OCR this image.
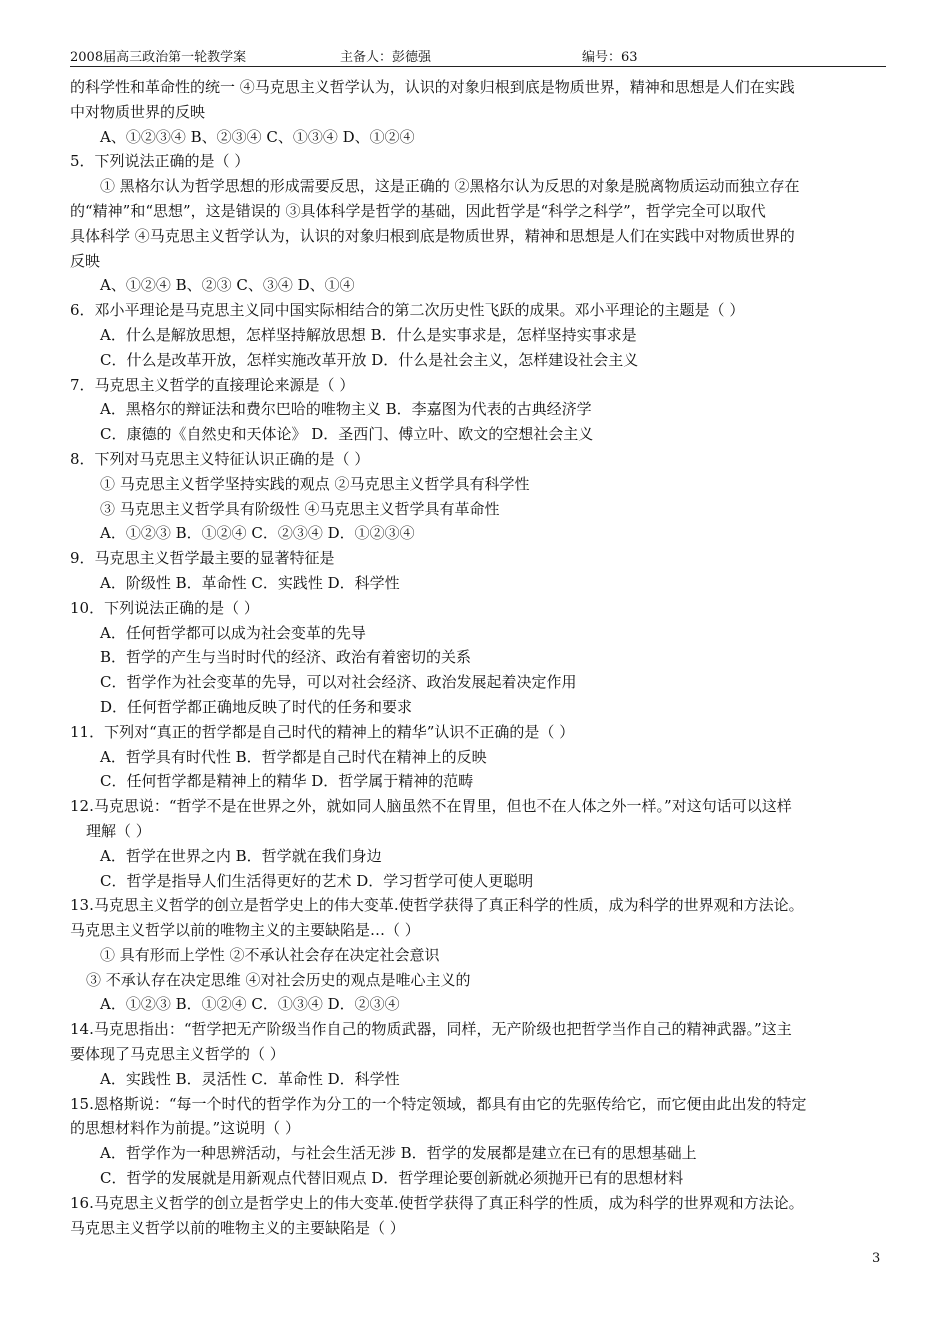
2008届高三政治第一轮教学案	主备人：彭德强	编号：63
的科学性和革命性的统一 ④马克思主义哲学认为，认识的对象归根到底是物质世界，精神和思想是人们在实践
中对物质世界的反映
A、①②③④ B、②③④ C、①③④ D、①②④
5．下列说法正确的是（ ）
① 黑格尔认为哲学思想的形成需要反思，这是正确的 ②黑格尔认为反思的对象是脱离物质运动而独立存在
的“精神”和“思想”，这是错误的 ③具体科学是哲学的基础，因此哲学是“科学之科学”，哲学完全可以取代
具体科学 ④马克思主义哲学认为，认识的对象归根到底是物质世界，精神和思想是人们在实践中对物质世界的
反映
A、①②④ B、②③ C、③④ D、①④
6．邓小平理论是马克思主义同中国实际相结合的第二次历史性飞跃的成果。邓小平理论的主题是（ ）
A．什么是解放思想，怎样坚持解放思想 B．什么是实事求是，怎样坚持实事求是
C．什么是改革开放，怎样实施改革开放 D．什么是社会主义，怎样建设社会主义
7．马克思主义哲学的直接理论来源是（ ）
A．黑格尔的辩证法和费尔巴哈的唯物主义 B．李嘉图为代表的古典经济学
C．康德的《自然史和天体论》 D．圣西门、傅立叶、欧文的空想社会主义
8．下列对马克思主义特征认识正确的是（ ）
① 马克思主义哲学坚持实践的观点 ②马克思主义哲学具有科学性
③ 马克思主义哲学具有阶级性 ④马克思主义哲学具有革命性
A．①②③ B．①②④ C．②③④ D．①②③④
9．马克思主义哲学最主要的显著特征是
A．阶级性 B．革命性 C．实践性 D．科学性
10．下列说法正确的是（ ）
A．任何哲学都可以成为社会变革的先导
B．哲学的产生与当时时代的经济、政治有着密切的关系
C．哲学作为社会变革的先导，可以对社会经济、政治发展起着决定作用
D．任何哲学都正确地反映了时代的任务和要求
11．下列对“真正的哲学都是自己时代的精神上的精华”认识不正确的是（ ）
A．哲学具有时代性 B．哲学都是自己时代在精神上的反映
C．任何哲学都是精神上的精华 D．哲学属于精神的范畴
12.马克思说：“哲学不是在世界之外，就如同人脑虽然不在胃里，但也不在人体之外一样。”对这句话可以这样
理解（ ）
A．哲学在世界之内 B．哲学就在我们身边
C．哲学是指导人们生活得更好的艺术 D．学习哲学可使人更聪明
13.马克思主义哲学的创立是哲学史上的伟大变革.使哲学获得了真正科学的性质，成为科学的世界观和方法论。
马克思主义哲学以前的唯物主义的主要缺陷是…（ ）
① 具有形而上学性 ②不承认社会存在决定社会意识
③ 不承认存在决定思维 ④对社会历史的观点是唯心主义的
A．①②③ B．①②④ C．①③④ D．②③④
14.马克思指出：“哲学把无产阶级当作自己的物质武器，同样，无产阶级也把哲学当作自己的精神武器。”这主
要体现了马克思主义哲学的（ ）
A．实践性 B．灵活性 C．革命性 D．科学性
15.恩格斯说：“每一个时代的哲学作为分工的一个特定领域，都具有由它的先驱传给它，而它便由此出发的特定
的思想材料作为前提。”这说明（ ）
A．哲学作为一种思辨活动，与社会生活无涉 B．哲学的发展都是建立在已有的思想基础上
C．哲学的发展就是用新观点代替旧观点 D．哲学理论要创新就必须抛开已有的思想材料
16.马克思主义哲学的创立是哲学史上的伟大变革.使哲学获得了真正科学的性质，成为科学的世界观和方法论。
马克思主义哲学以前的唯物主义的主要缺陷是（ ）
3
